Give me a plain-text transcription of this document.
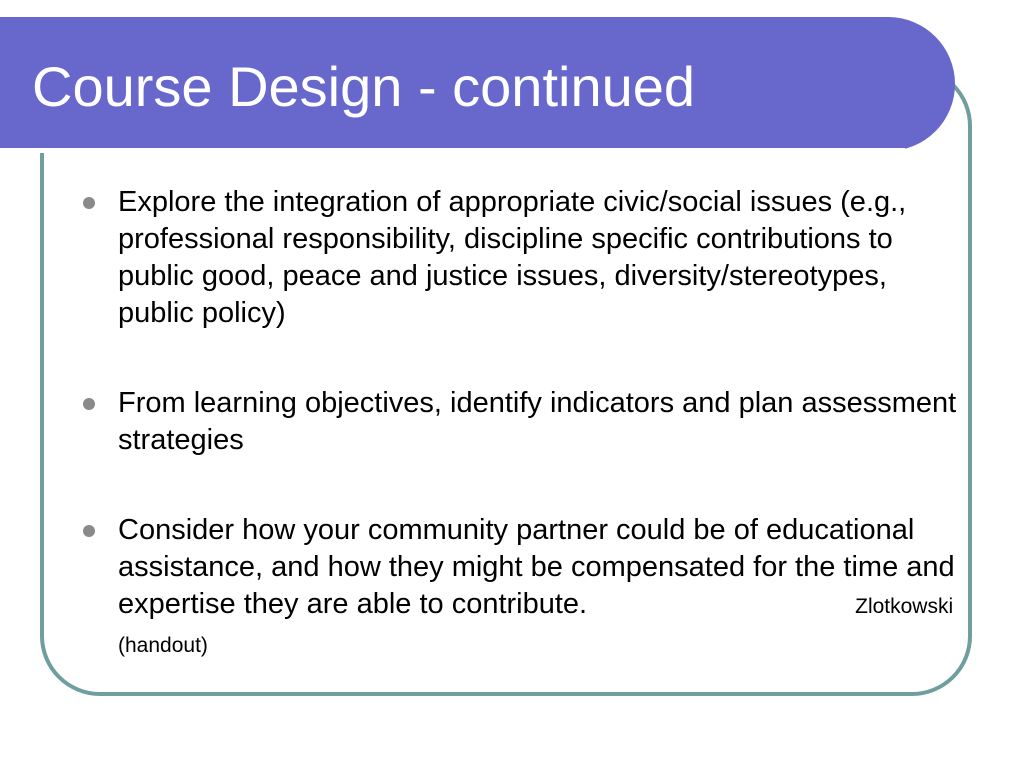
Course Design - continued
Explore the integration of appropriate civic/social issues (e.g., professional responsibility, discipline specific contributions to public good, peace and justice issues, diversity/stereotypes, public policy)
From learning objectives, identify indicators and plan assessment strategies
Consider how your community partner could be of educational assistance, and how they might be compensated for the time and expertise they are able to contribute.	Zlotkowski (handout)
